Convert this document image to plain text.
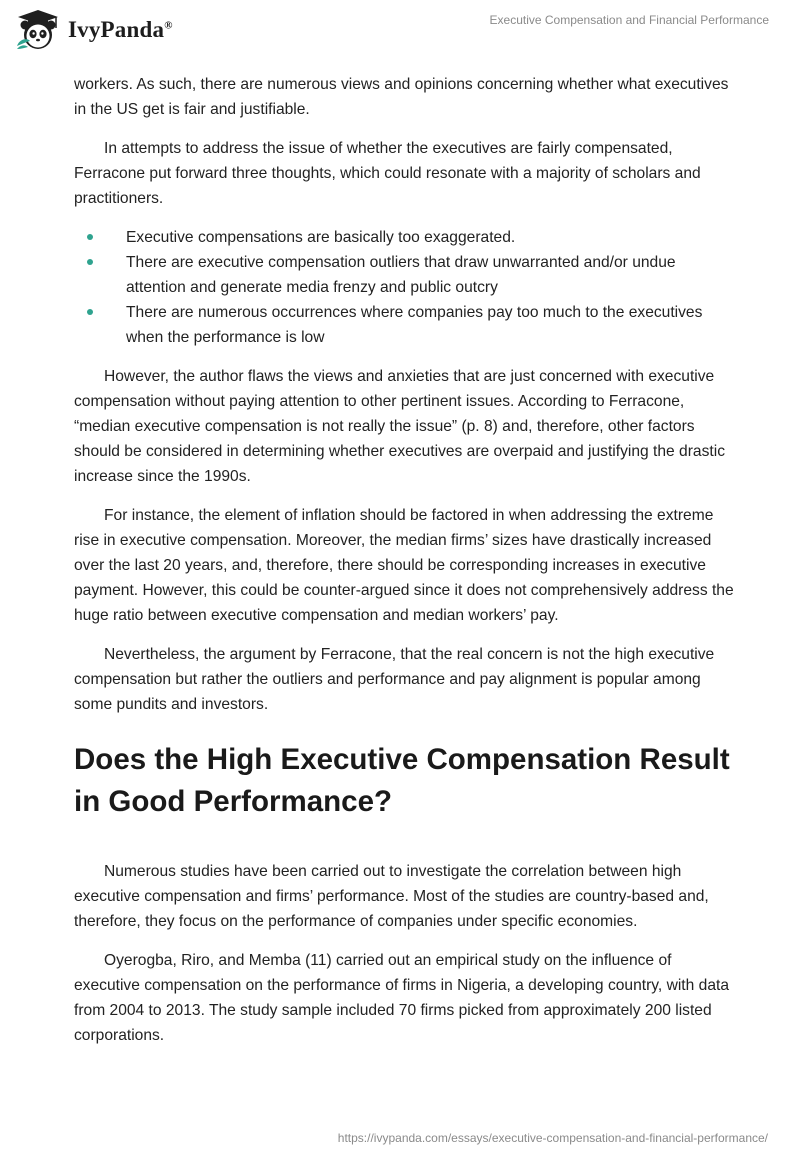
IvyPanda®	Executive Compensation and Financial Performance

workers. As such, there are numerous views and opinions concerning whether what executives in the US get is fair and justifiable.

In attempts to address the issue of whether the executives are fairly compensated, Ferracone put forward three thoughts, which could resonate with a majority of scholars and practitioners.

Executive compensations are basically too exaggerated.
There are executive compensation outliers that draw unwarranted and/or undue attention and generate media frenzy and public outcry
There are numerous occurrences where companies pay too much to the executives when the performance is low

However, the author flaws the views and anxieties that are just concerned with executive compensation without paying attention to other pertinent issues. According to Ferracone, “median executive compensation is not really the issue” (p. 8) and, therefore, other factors should be considered in determining whether executives are overpaid and justifying the drastic increase since the 1990s.

For instance, the element of inflation should be factored in when addressing the extreme rise in executive compensation. Moreover, the median firms’ sizes have drastically increased over the last 20 years, and, therefore, there should be corresponding increases in executive payment. However, this could be counter-argued since it does not comprehensively address the huge ratio between executive compensation and median workers’ pay.

Nevertheless, the argument by Ferracone, that the real concern is not the high executive compensation but rather the outliers and performance and pay alignment is popular among some pundits and investors.

Does the High Executive Compensation Result in Good Performance?

Numerous studies have been carried out to investigate the correlation between high executive compensation and firms’ performance. Most of the studies are country-based and, therefore, they focus on the performance of companies under specific economies.

Oyerogba, Riro, and Memba (11) carried out an empirical study on the influence of executive compensation on the performance of firms in Nigeria, a developing country, with data from 2004 to 2013. The study sample included 70 firms picked from approximately 200 listed corporations.

https://ivypanda.com/essays/executive-compensation-and-financial-performance/
